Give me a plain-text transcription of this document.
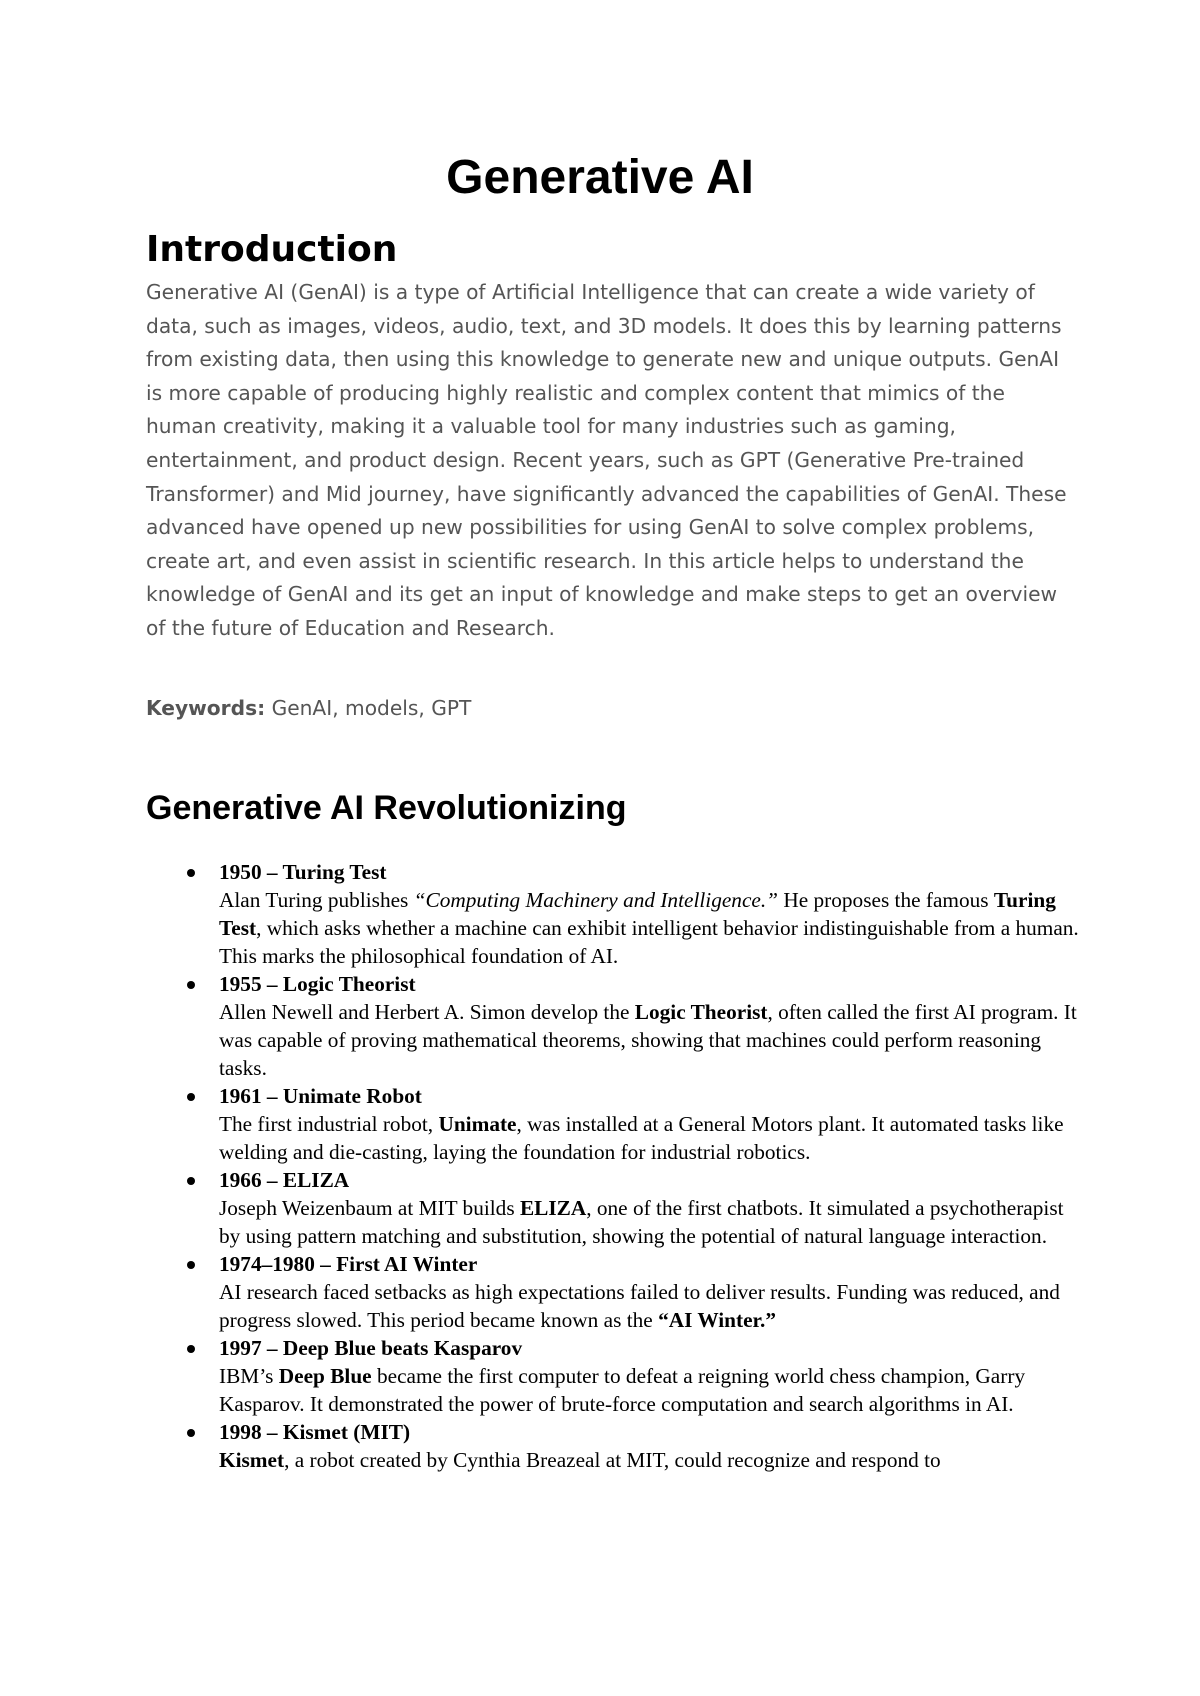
Generative AI
Introduction

Generative AI (GenAI) is a type of Artificial Intelligence that can create a wide variety of data, such as images, videos, audio, text, and 3D models. It does this by learning patterns from existing data, then using this knowledge to generate new and unique outputs. GenAI is more capable of producing highly realistic and complex content that mimics of the human creativity, making it a valuable tool for many industries such as gaming, entertainment, and product design. Recent years, such as GPT (Generative Pre-trained Transformer) and Mid journey, have significantly advanced the capabilities of GenAI. These advanced have opened up new possibilities for using GenAI to solve complex problems, create art, and even assist in scientific research. In this article helps to understand the knowledge of GenAI and its get an input of knowledge and make steps to get an overview of the future of Education and Research.

Keywords: GenAI, models, GPT

Generative AI Revolutionizing
1950 – Turing Test
Alan Turing publishes “Computing Machinery and Intelligence.” He proposes the famous Turing Test, which asks whether a machine can exhibit intelligent behavior indistinguishable from a human. This marks the philosophical foundation of AI.
1955 – Logic Theorist
Allen Newell and Herbert A. Simon develop the Logic Theorist, often called the first AI program. It was capable of proving mathematical theorems, showing that machines could perform reasoning tasks.
1961 – Unimate Robot
The first industrial robot, Unimate, was installed at a General Motors plant. It automated tasks like welding and die-casting, laying the foundation for industrial robotics.
1966 – ELIZA
Joseph Weizenbaum at MIT builds ELIZA, one of the first chatbots. It simulated a psychotherapist by using pattern matching and substitution, showing the potential of natural language interaction.
1974–1980 – First AI Winter
AI research faced setbacks as high expectations failed to deliver results. Funding was reduced, and progress slowed. This period became known as the “AI Winter.”
1997 – Deep Blue beats Kasparov
IBM’s Deep Blue became the first computer to defeat a reigning world chess champion, Garry Kasparov. It demonstrated the power of brute-force computation and search algorithms in AI.
1998 – Kismet (MIT)
Kismet, a robot created by Cynthia Breazeal at MIT, could recognize and respond to
